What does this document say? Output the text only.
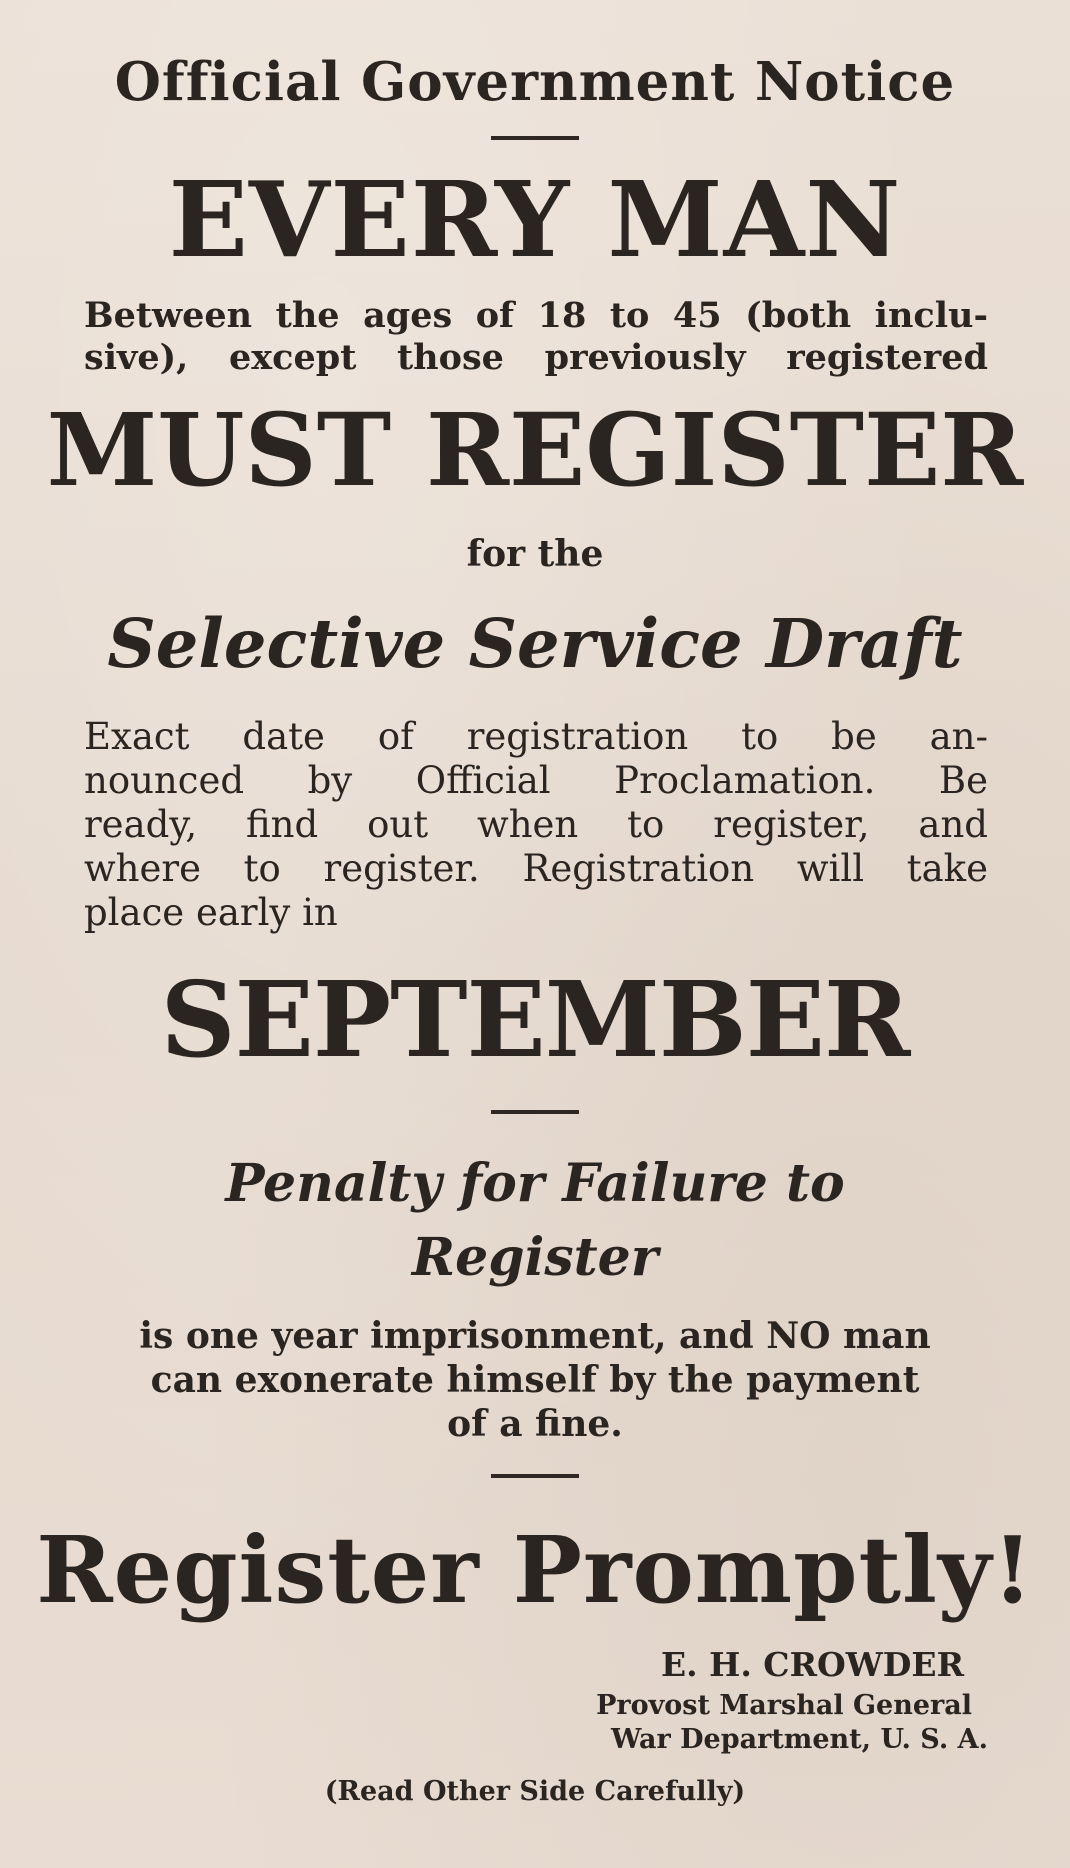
Official Government Notice
EVERY MAN
Between the ages of 18 to 45 (both inclu-
sive), except those previously registered
MUST REGISTER
for the
Selective Service Draft
Exact date of registration to be an-
nounced by Official Proclamation. Be
ready, find out when to register, and
where to register. Registration will take
place early in
SEPTEMBER
Penalty for Failure to
Register
is one year imprisonment, and NO man
can exonerate himself by the payment
of a fine.
Register Promptly!
E. H. CROWDER
Provost Marshal General
War Department, U. S. A.
(Read Other Side Carefully)
